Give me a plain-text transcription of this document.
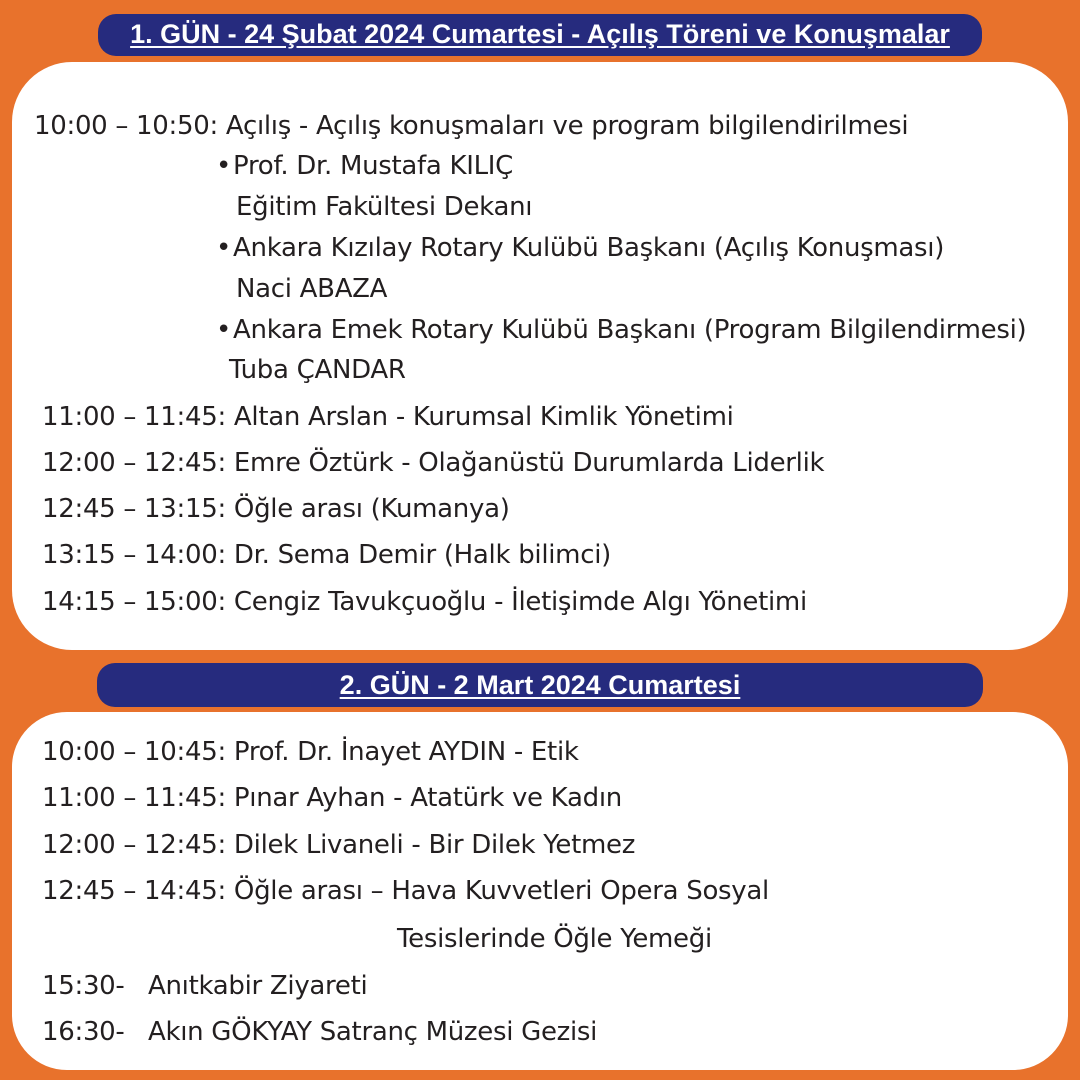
1. GÜN - 24 Şubat 2024 Cumartesi - Açılış Töreni ve Konuşmalar
10:00 – 10:50: Açılış - Açılış konuşmaları ve program bilgilendirilmesi
•Prof. Dr. Mustafa KILIÇ
Eğitim Fakültesi Dekanı
•Ankara Kızılay Rotary Kulübü Başkanı (Açılış Konuşması)
Naci ABAZA
•Ankara Emek Rotary Kulübü Başkanı (Program Bilgilendirmesi)
Tuba ÇANDAR
11:00 – 11:45: Altan Arslan - Kurumsal Kimlik Yönetimi
12:00 – 12:45: Emre Öztürk - Olağanüstü Durumlarda Liderlik
12:45 – 13:15: Öğle arası (Kumanya)
13:15 – 14:00: Dr. Sema Demir (Halk bilimci)
14:15 – 15:00: Cengiz Tavukçuoğlu - İletişimde Algı Yönetimi
2. GÜN - 2 Mart 2024 Cumartesi
10:00 – 10:45: Prof. Dr. İnayet AYDIN - Etik
11:00 – 11:45: Pınar Ayhan - Atatürk ve Kadın
12:00 – 12:45: Dilek Livaneli - Bir Dilek Yetmez
12:45 – 14:45: Öğle arası – Hava Kuvvetleri Opera Sosyal
Tesislerinde Öğle Yemeği
15:30- Anıtkabir Ziyareti
16:30- Akın GÖKYAY Satranç Müzesi Gezisi
